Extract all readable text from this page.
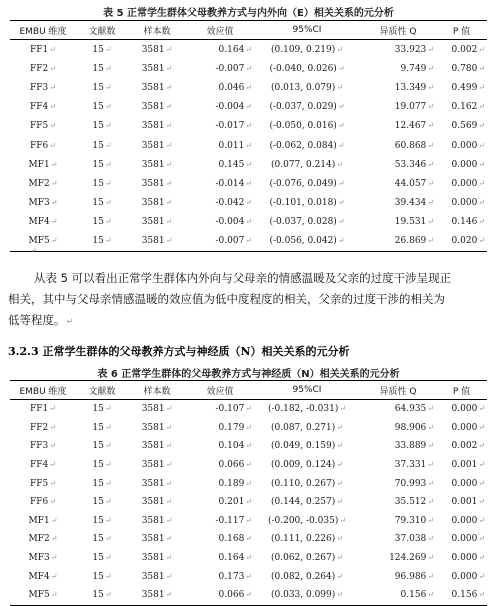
表 5 正常学生群体父母教养方式与内外向（E）相关关系的元分析
EMBU 维度	文献数	样本数	效应值	95%CI	异质性 Q	P 值
FF1↵	15↵	3581↵	0.164↵	(0.109, 0.219)↵	33.923↵	0.002↵
FF2↵	15↵	3581↵	-0.007↵	(-0.040, 0.026)↵	9.749↵	0.780↵
FF3↵	15↵	3581↵	0.046↵	(0.013, 0.079)↵	13.349↵	0.499↵
FF4↵	15↵	3581↵	-0.004↵	(-0.037, 0.029)↵	19.077↵	0.162↵
FF5↵	15↵	3581↵	-0.017↵	(-0.050, 0.016)↵	12.467↵	0.569↵
FF6↵	15↵	3581↵	0.011↵	(-0.062, 0.084)↵	60.868↵	0.000↵
MF1↵	15↵	3581↵	0.145↵	(0.077, 0.214)↵	53.346↵	0.000↵
MF2↵	15↵	3581↵	-0.014↵	(-0.076, 0.049)↵	44.057↵	0.000↵
MF3↵	15↵	3581↵	-0.042↵	(-0.101, 0.018)↵	39.434↵	0.000↵
MF4↵	15↵	3581↵	-0.004↵	(-0.037, 0.028)↵	19.531↵	0.146↵
MF5↵	15↵	3581↵	-0.007↵	(-0.056, 0.042)↵	26.869↵	0.020↵
从表 5 可以看出正常学生群体内外向与父母亲的情感温暖及父亲的过度干涉呈现正

相关，其中与父母亲情感温暖的效应值为低中度程度的相关，父亲的过度干涉的相关为
低等程度。↵
3.2.3 正常学生群体的父母教养方式与神经质（N）相关关系的元分析
表 6 正常学生群体的父母教养方式与神经质（N）相关关系的元分析
EMBU 维度	文献数	样本数	效应值	95%CI	异质性 Q	P 值
FF1↵	15↵	3581↵	-0.107↵	(-0.182, -0.031)↵	64.935↵	0.000↵
FF2↵	15↵	3581↵	0.179↵	(0.087, 0.271)↵	98.906↵	0.000↵
FF3↵	15↵	3581↵	0.104↵	(0.049, 0.159)↵	33.889↵	0.002↵
FF4↵	15↵	3581↵	0.066↵	(0.009, 0.124)↵	37.331↵	0.001↵
FF5↵	15↵	3581↵	0.189↵	(0.110, 0.267)↵	70.993↵	0.000↵
FF6↵	15↵	3581↵	0.201↵	(0.144, 0.257)↵	35.512↵	0.001↵
MF1↵	15↵	3581↵	-0.117↵	(-0.200, -0.035)↵	79.310↵	0.000↵
MF2↵	15↵	3581↵	0.168↵	(0.111, 0.226)↵	37.038↵	0.000↵
MF3↵	15↵	3581↵	0.164↵	(0.062, 0.267)↵	124.269↵	0.000↵
MF4↵	15↵	3581↵	0.173↵	(0.082, 0.264)↵	96.986↵	0.000↵
MF5↵	15↵	3581↵	0.066↵	(0.033, 0.099)↵	0.156↵	0.156↵
↵
